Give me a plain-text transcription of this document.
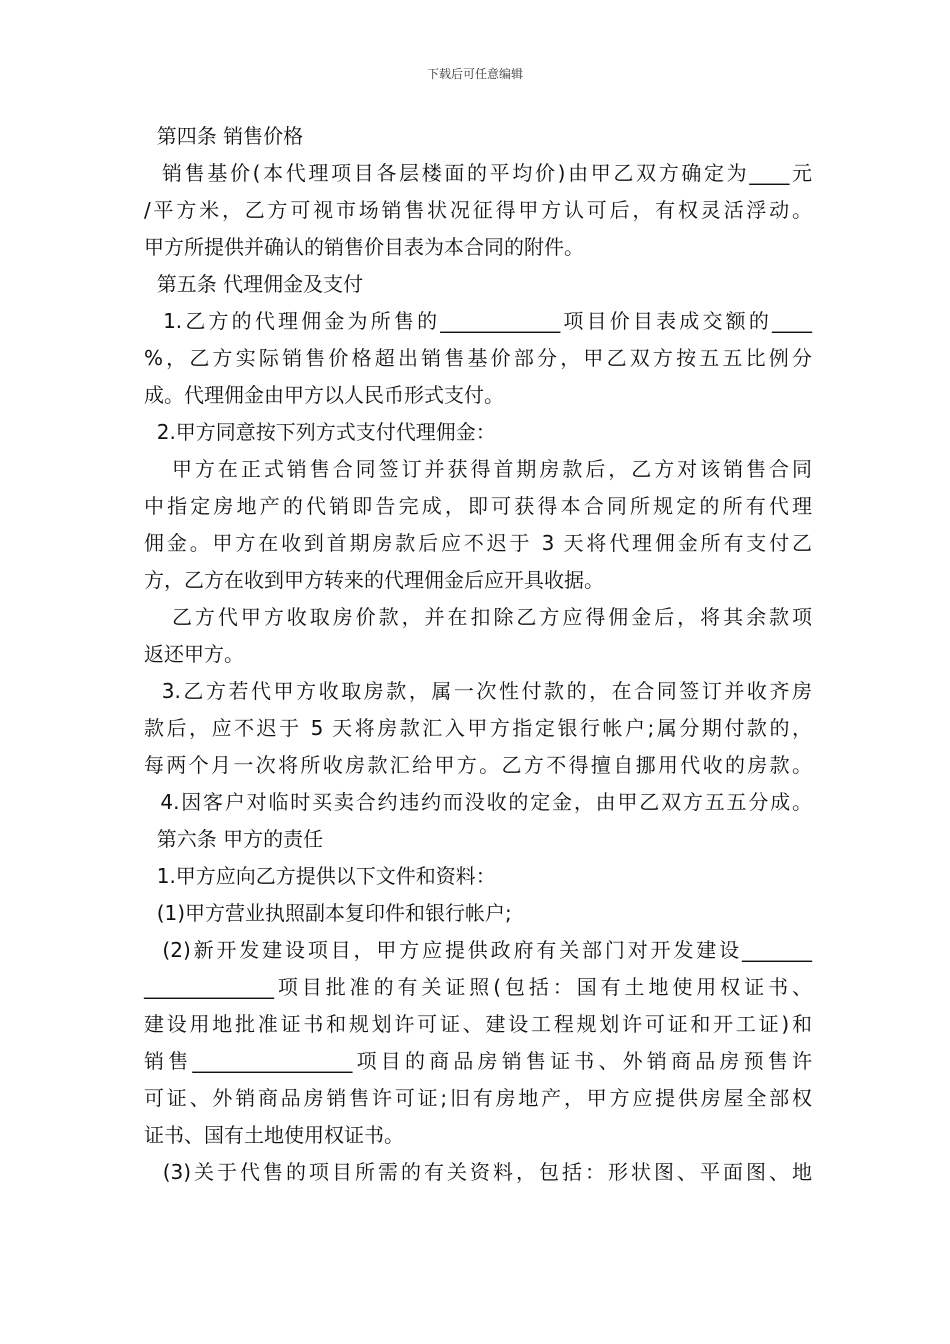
下载后可任意编辑
第四条 销售价格
销售基价(本代理项目各层楼面的平均价)由甲乙双方确定为____元
/平方米，乙方可视市场销售状况征得甲方认可后，有权灵活浮动。
甲方所提供并确认的销售价目表为本合同的附件。
第五条 代理佣金及支付
1.乙方的代理佣金为所售的____________项目价目表成交额的____
%，乙方实际销售价格超出销售基价部分，甲乙双方按五五比例分
成。代理佣金由甲方以人民币形式支付。
2.甲方同意按下列方式支付代理佣金：
甲方在正式销售合同签订并获得首期房款后，乙方对该销售合同
中指定房地产的代销即告完成，即可获得本合同所规定的所有代理
佣金。甲方在收到首期房款后应不迟于 3 天将代理佣金所有支付乙
方，乙方在收到甲方转来的代理佣金后应开具收据。
乙方代甲方收取房价款，并在扣除乙方应得佣金后，将其余款项
返还甲方。
3.乙方若代甲方收取房款，属一次性付款的，在合同签订并收齐房
款后，应不迟于 5 天将房款汇入甲方指定银行帐户;属分期付款的，
每两个月一次将所收房款汇给甲方。乙方不得擅自挪用代收的房款。
4.因客户对临时买卖合约违约而没收的定金，由甲乙双方五五分成。
第六条 甲方的责任
1.甲方应向乙方提供以下文件和资料：
(1)甲方营业执照副本复印件和银行帐户;
(2)新开发建设项目，甲方应提供政府有关部门对开发建设_______
_____________项目批准的有关证照(包括：国有土地使用权证书、
建设用地批准证书和规划许可证、建设工程规划许可证和开工证)和
销售________________项目的商品房销售证书、外销商品房预售许
可证、外销商品房销售许可证;旧有房地产，甲方应提供房屋全部权
证书、国有土地使用权证书。
(3)关于代售的项目所需的有关资料，包括：形状图、平面图、地
